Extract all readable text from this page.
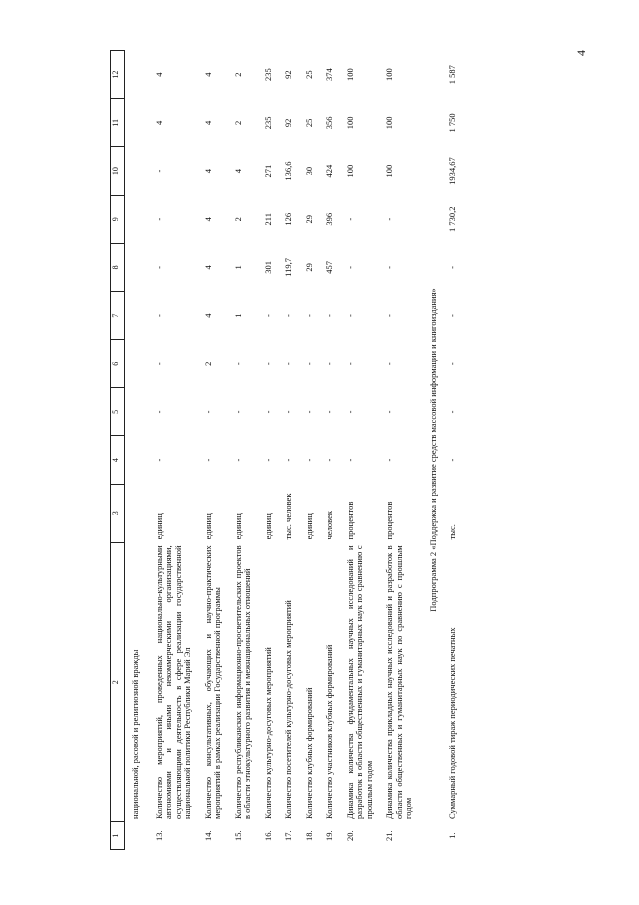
4
1	2	3	4	5	6	7	8	9	10	11	12
	национальной, расовой и религиозной вражды										
13.	Количество мероприятий, проведенных национально-культурными автономиями и иными некоммерческими организациями, осуществляющими деятельность в сфере реализации государственной национальной политики Республики Марий Эл	единиц	-	-	-	-	-	-	-	4	4
14.	Количество консультативных, обучающих и научно-практических мероприятий в рамках реализации Государственной программы	единиц	-	-	2	4	4	4	4	4	4
15.	Количество республиканских информационно-просветительских проектов в области этнокультурного развития и межнациональных отношений	единиц	-	-	-	1	1	2	4	2	2
16.	Количество культурно-досуговых мероприятий	единиц	-	-	-	-	301	211	271	235	235
17.	Количество посетителей культурно-досуговых мероприятий	тыс. человек	-	-	-	-	119,7	126	136,6	92	92
18.	Количество клубных формирований	единиц	-	-	-	-	29	29	30	25	25
19.	Количество участников клубных формирований	человек	-	-	-	-	457	396	424	356	374
20.	Динамика количества фундаментальных научных исследований и разработок в области общественных и гуманитарных наук по сравнению с прошлым годом	процентов	-	-	-	-	-	-	100	100	100
21.	Динамика количества прикладных научных исследований и разработок в области общественных и гуманитарных наук по сравнению с прошлым годом	процентов	-	-	-	-	-	-	100	100	100
Подпрограмма 2 «Поддержка и развитие средств массовой информации и книгоиздания»											
1.	Суммарный годовой тираж периодических печатных	тыс.	-	-	-	-	-	1 730,2	1934,67	1 750	1 587
